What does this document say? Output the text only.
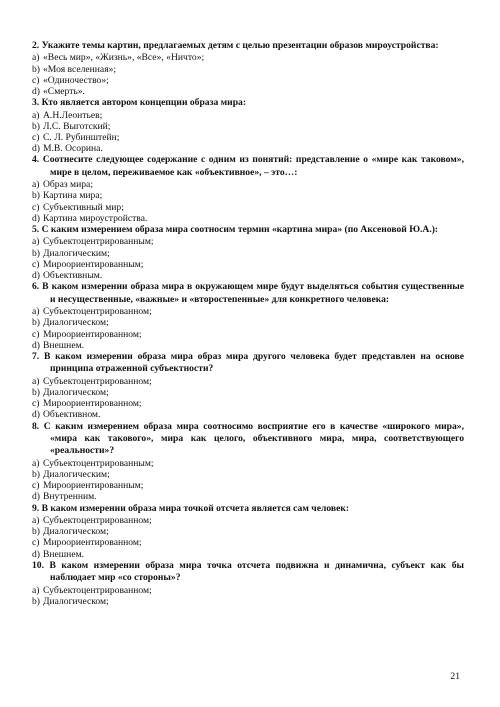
2. Укажите темы картин, предлагаемых детям с целью презентации образов мироустройства:
a) «Весь мир», «Жизнь», «Все», «Ничто»;
b) «Моя вселенная»;
c) «Одиночество»;
d) «Смерть».
3. Кто является автором концепции образа мира:
a) А.Н.Леонтьев;
b) Л.С. Выготский;
c) С. Л. Рубинштейн;
d) М.В. Осорина.
4. Соотнесите следующее содержание с одним из понятий: представление о «мире как таковом», мире в целом, переживаемое как «объективное», – это…:
a) Образ мира;
b) Картина мира;
c) Субъективный мир;
d) Картина мироустройства.
5. С каким измерением образа мира соотносим термин «картина мира» (по Аксеновой Ю.А.):
a) Субъектоцентрированным;
b) Диалогическим;
c) Мироориентированным;
d) Объективным.
6. В каком измерении образа мира в окружающем мире будут выделяться события существенные и несущественные, «важные» и «второстепенные» для конкретного человека:
a) Субъектоцентрированном;
b) Диалогическом;
c) Мироориентированном;
d) Внешнем.
7. В каком измерении образа мира образ мира другого человека будет представлен на основе принципа отраженной субъектности?
a) Субъектоцентрированном;
b) Диалогическом;
c) Мироориентированном;
d) Объективном.
8. С каким измерением образа мира соотносимо восприятие его в качестве «широкого мира», «мира как такового», мира как целого, объективного мира, мира, соответствующего «реальности»?
a) Субъектоцентрированным;
b) Диалогическим;
c) Мироориентированным;
d) Внутренним.
9. В каком измерении образа мира точкой отсчета является сам человек:
a) Субъектоцентрированном;
b) Диалогическом;
c) Мироориентированном;
d) Внешнем.
10. В каком измерении образа мира точка отсчета подвижна и динамична, субъект как бы наблюдает мир «со стороны»?
a) Субъектоцентрированном;
b) Диалогическом;
21
